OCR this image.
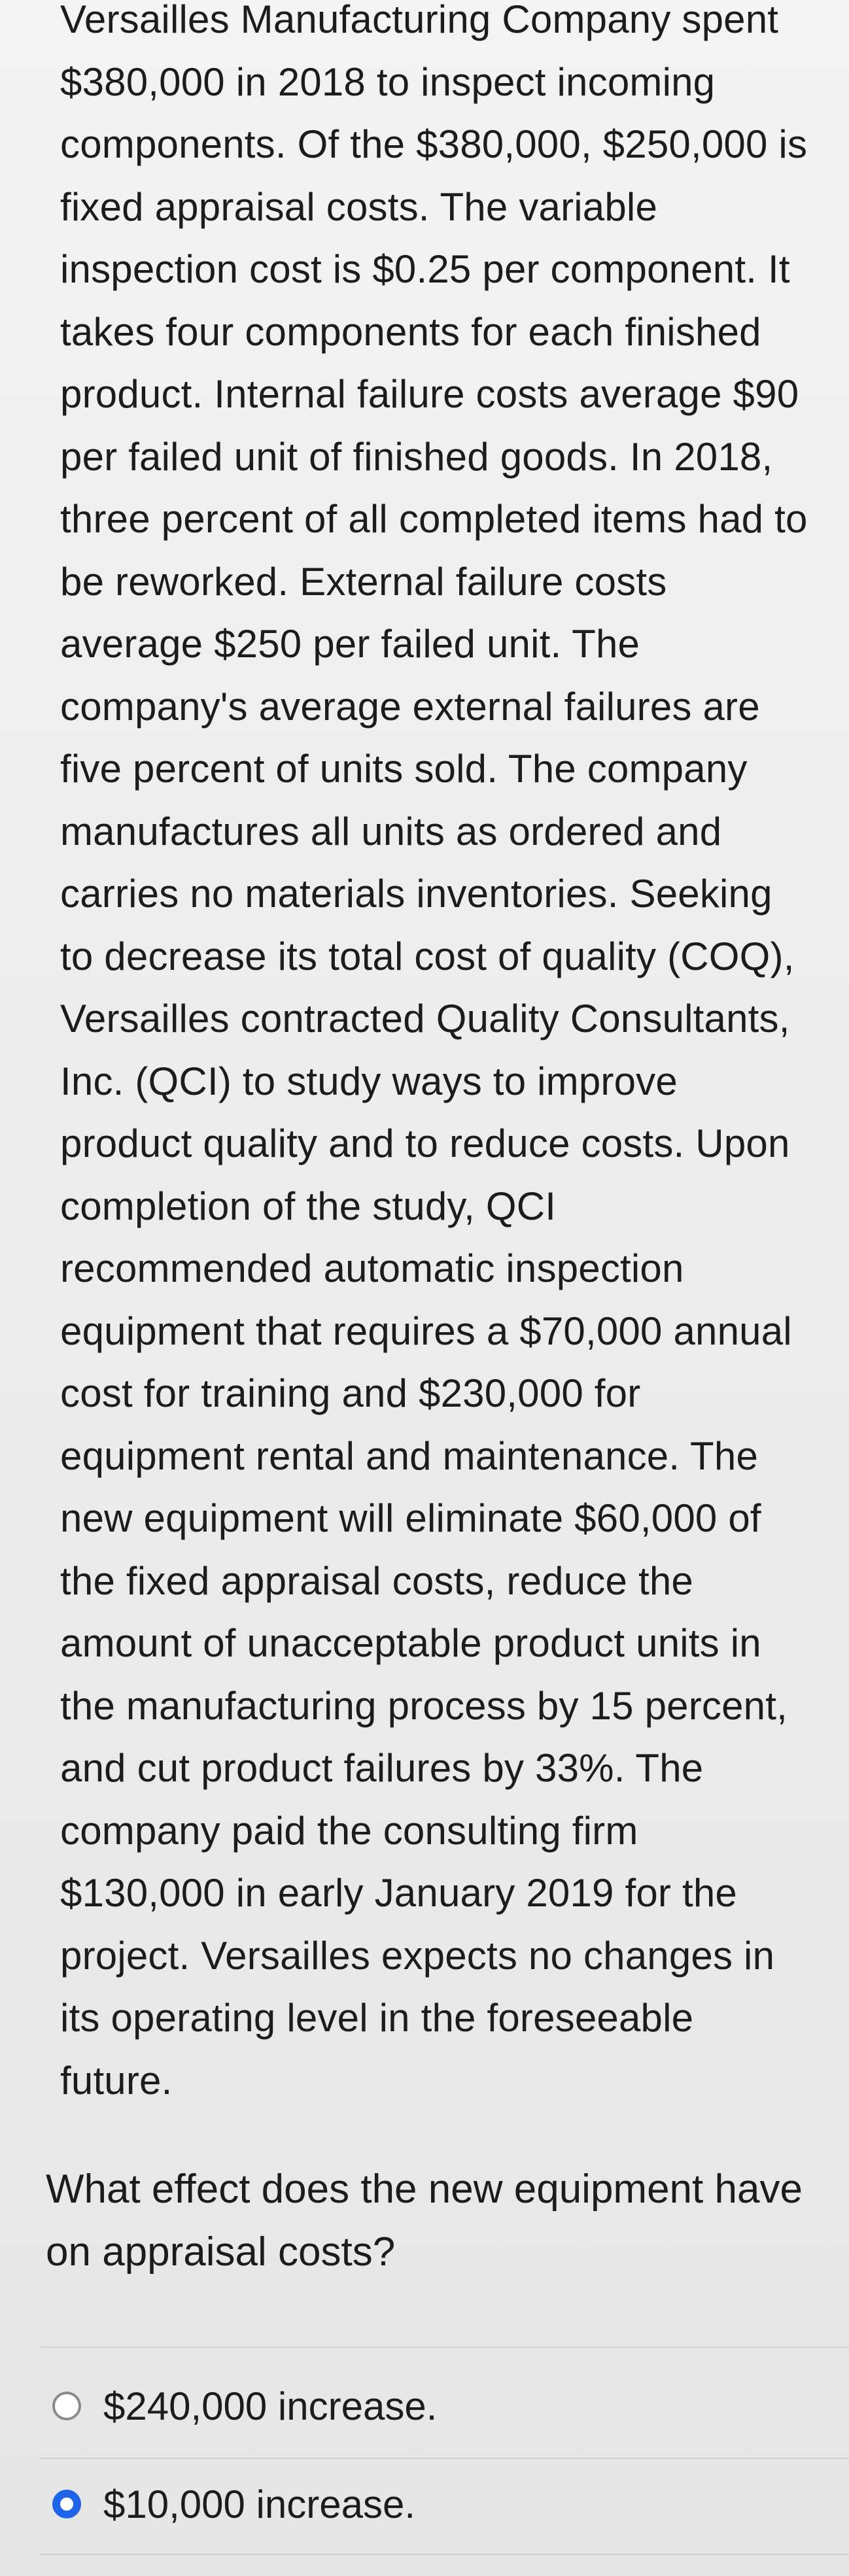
Versailles Manufacturing Company spent
$380,000 in 2018 to inspect incoming
components. Of the $380,000, $250,000 is
fixed appraisal costs. The variable
inspection cost is $0.25 per component. It
takes four components for each finished
product. Internal failure costs average $90
per failed unit of finished goods. In 2018,
three percent of all completed items had to
be reworked. External failure costs
average $250 per failed unit. The
company's average external failures are
five percent of units sold. The company
manufactures all units as ordered and
carries no materials inventories. Seeking
to decrease its total cost of quality (COQ),
Versailles contracted Quality Consultants,
Inc. (QCI) to study ways to improve
product quality and to reduce costs. Upon
completion of the study, QCI
recommended automatic inspection
equipment that requires a $70,000 annual
cost for training and $230,000 for
equipment rental and maintenance. The
new equipment will eliminate $60,000 of
the fixed appraisal costs, reduce the
amount of unacceptable product units in
the manufacturing process by 15 percent,
and cut product failures by 33%. The
company paid the consulting firm
$130,000 in early January 2019 for the
project. Versailles expects no changes in
its operating level in the foreseeable
future.
What effect does the new equipment have
on appraisal costs?
$240,000 increase.
$10,000 increase.
